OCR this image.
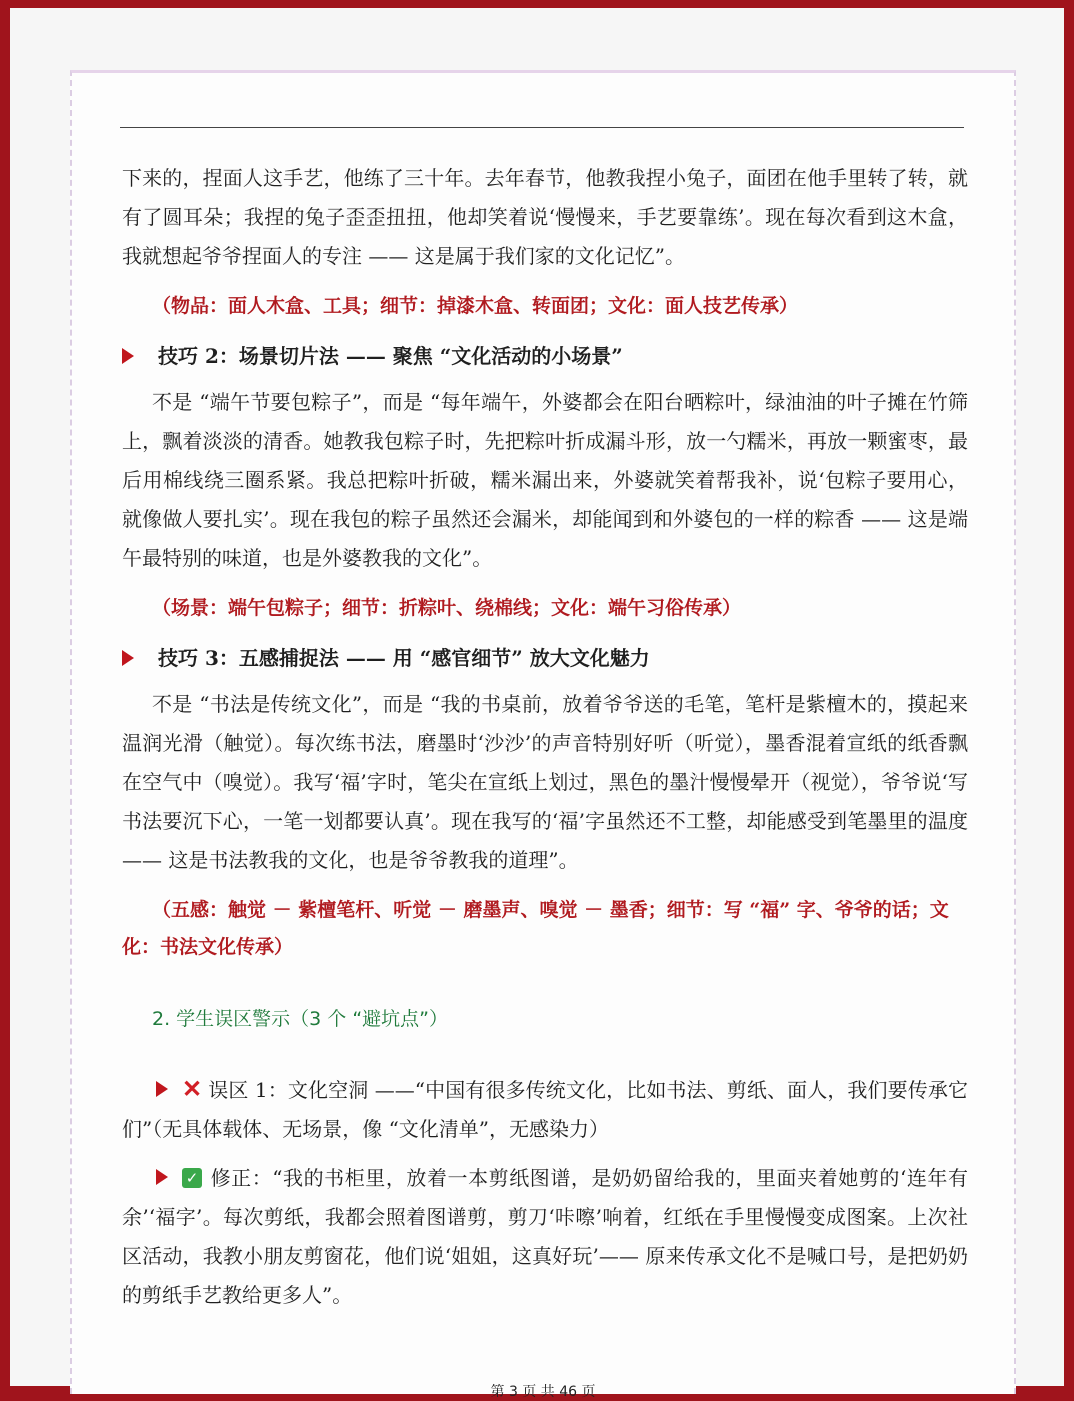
下来的，捏面人这手艺，他练了三十年。去年春节，他教我捏小兔子，面团在他手里转了转，就有了圆耳朵；我捏的兔子歪歪扭扭，他却笑着说‘慢慢来，手艺要靠练’。现在每次看到这木盒，我就想起爷爷捏面人的专注 —— 这是属于我们家的文化记忆”。

（物品：面人木盒、工具；细节：掉漆木盒、转面团；文化：面人技艺传承）

技巧 2：场景切片法 —— 聚焦 “文化活动的小场景”

不是 “端午节要包粽子”，而是 “每年端午，外婆都会在阳台晒粽叶，绿油油的叶子摊在竹筛上，飘着淡淡的清香。她教我包粽子时，先把粽叶折成漏斗形，放一勺糯米，再放一颗蜜枣，最后用棉线绕三圈系紧。我总把粽叶折破，糯米漏出来，外婆就笑着帮我补，说‘包粽子要用心，就像做人要扎实’。现在我包的粽子虽然还会漏米，却能闻到和外婆包的一样的粽香 —— 这是端午最特别的味道，也是外婆教我的文化”。

（场景：端午包粽子；细节：折粽叶、绕棉线；文化：端午习俗传承）

技巧 3：五感捕捉法 —— 用 “感官细节” 放大文化魅力

不是 “书法是传统文化”，而是 “我的书桌前，放着爷爷送的毛笔，笔杆是紫檀木的，摸起来温润光滑（触觉）。每次练书法，磨墨时‘沙沙’的声音特别好听（听觉），墨香混着宣纸的纸香飘在空气中（嗅觉）。我写‘福’字时，笔尖在宣纸上划过，黑色的墨汁慢慢晕开（视觉），爷爷说‘写书法要沉下心，一笔一划都要认真’。现在我写的‘福’字虽然还不工整，却能感受到笔墨里的温度 —— 这是书法教我的文化，也是爷爷教我的道理”。

（五感：触觉 － 紫檀笔杆、听觉 － 磨墨声、嗅觉 － 墨香；细节：写 “福” 字、爷爷的话；文化：书法文化传承）

2. 学生误区警示（3 个 “避坑点”）

✕ 误区 1：文化空洞 ——“中国有很多传统文化，比如书法、剪纸、面人，我们要传承它们”（无具体载体、无场景，像 “文化清单”，无感染力）

✓ 修正：“我的书柜里，放着一本剪纸图谱，是奶奶留给我的，里面夹着她剪的‘连年有余’‘福字’。每次剪纸，我都会照着图谱剪，剪刀‘咔嚓’响着，红纸在手里慢慢变成图案。上次社区活动，我教小朋友剪窗花，他们说‘姐姐，这真好玩’—— 原来传承文化不是喊口号，是把奶奶的剪纸手艺教给更多人”。

第 3 页 共 46 页
